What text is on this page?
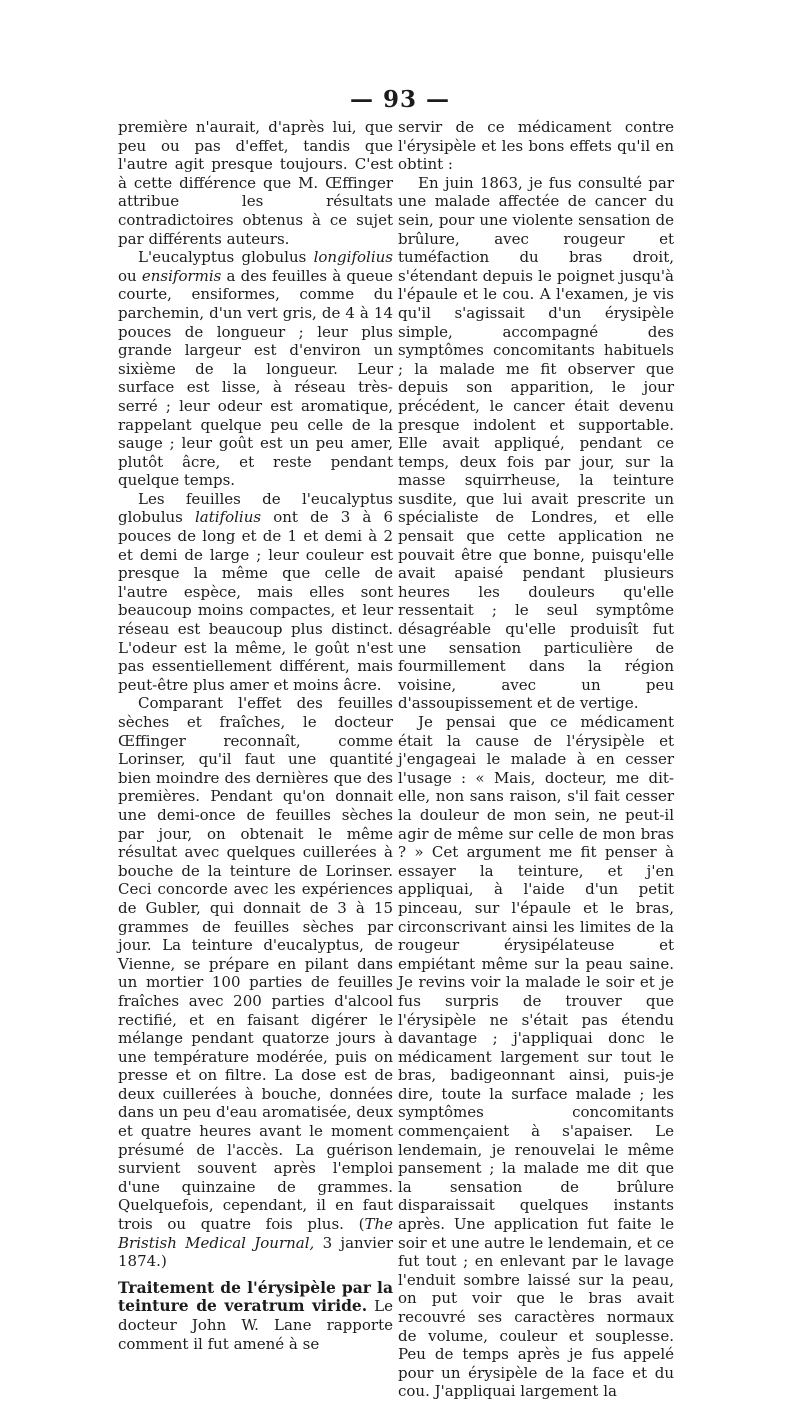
— 93 —

première n'aurait, d'après lui, que peu ou pas d'effet, tandis que l'autre agit presque toujours. C'est à cette différence que M. Œffinger attribue les résultats contradictoires obtenus à ce sujet par différents auteurs.

L'eucalyptus globulus longifolius ou ensiformis a des feuilles à queue courte, ensiformes, comme du parchemin, d'un vert gris, de 4 à 14 pouces de longueur ; leur plus grande largeur est d'environ un sixième de la longueur. Leur surface est lisse, à réseau très-serré ; leur odeur est aromatique, rappelant quelque peu celle de la sauge ; leur goût est un peu amer, plutôt âcre, et reste pendant quelque temps.

Les feuilles de l'eucalyptus globulus latifolius ont de 3 à 6 pouces de long et de 1 et demi à 2 et demi de large ; leur couleur est presque la même que celle de l'autre espèce, mais elles sont beaucoup moins compactes, et leur réseau est beaucoup plus distinct. L'odeur est la même, le goût n'est pas essentiellement différent, mais peut-être plus amer et moins âcre.

Comparant l'effet des feuilles sèches et fraîches, le docteur Œffinger reconnaît, comme Lorinser, qu'il faut une quantité bien moindre des dernières que des premières. Pendant qu'on donnait une demi-once de feuilles sèches par jour, on obtenait le même résultat avec quelques cuillerées à bouche de la teinture de Lorinser. Ceci concorde avec les expériences de Gubler, qui donnait de 3 à 15 grammes de feuilles sèches par jour. La teinture d'eucalyptus, de Vienne, se prépare en pilant dans un mortier 100 parties de feuilles fraîches avec 200 parties d'alcool rectifié, et en faisant digérer le mélange pendant quatorze jours à une température modérée, puis on presse et on filtre. La dose est de deux cuillerées à bouche, données dans un peu d'eau aromatisée, deux et quatre heures avant le moment présumé de l'accès. La guérison survient souvent après l'emploi d'une quinzaine de grammes. Quelquefois, cependant, il en faut trois ou quatre fois plus. (The Bristish Medical Journal, 3 janvier 1874.)

Traitement de l'érysipèle par la teinture de veratrum viride. Le docteur John W. Lane rapporte comment il fut amené à se

servir de ce médicament contre l'érysipèle et les bons effets qu'il en obtint :

En juin 1863, je fus consulté par une malade affectée de cancer du sein, pour une violente sensation de brûlure, avec rougeur et tuméfaction du bras droit, s'étendant depuis le poignet jusqu'à l'épaule et le cou. A l'examen, je vis qu'il s'agissait d'un érysipèle simple, accompagné des symptômes concomitants habituels ; la malade me fit observer que depuis son apparition, le jour précédent, le cancer était devenu presque indolent et supportable. Elle avait appliqué, pendant ce temps, deux fois par jour, sur la masse squirrheuse, la teinture susdite, que lui avait prescrite un spécialiste de Londres, et elle pensait que cette application ne pouvait être que bonne, puisqu'elle avait apaisé pendant plusieurs heures les douleurs qu'elle ressentait ; le seul symptôme désagréable qu'elle produisît fut une sensation particulière de fourmillement dans la région voisine, avec un peu d'assoupissement et de vertige.

Je pensai que ce médicament était la cause de l'érysipèle et j'engageai le malade à en cesser l'usage : « Mais, docteur, me dit-elle, non sans raison, s'il fait cesser la douleur de mon sein, ne peut-il agir de même sur celle de mon bras ? » Cet argument me fit penser à essayer la teinture, et j'en appliquai, à l'aide d'un petit pinceau, sur l'épaule et le bras, circonscrivant ainsi les limites de la rougeur érysipélateuse et empiétant même sur la peau saine. Je revins voir la malade le soir et je fus surpris de trouver que l'érysipèle ne s'était pas étendu davantage ; j'appliquai donc le médicament largement sur tout le bras, badigeonnant ainsi, puis-je dire, toute la surface malade ; les symptômes concomitants commençaient à s'apaiser. Le lendemain, je renouvelai le même pansement ; la malade me dit que la sensation de brûlure disparaissait quelques instants après. Une application fut faite le soir et une autre le lendemain, et ce fut tout ; en enlevant par le lavage l'enduit sombre laissé sur la peau, on put voir que le bras avait recouvré ses caractères normaux de volume, couleur et souplesse. Peu de temps après je fus appelé pour un érysipèle de la face et du cou. J'appliquai largement la
